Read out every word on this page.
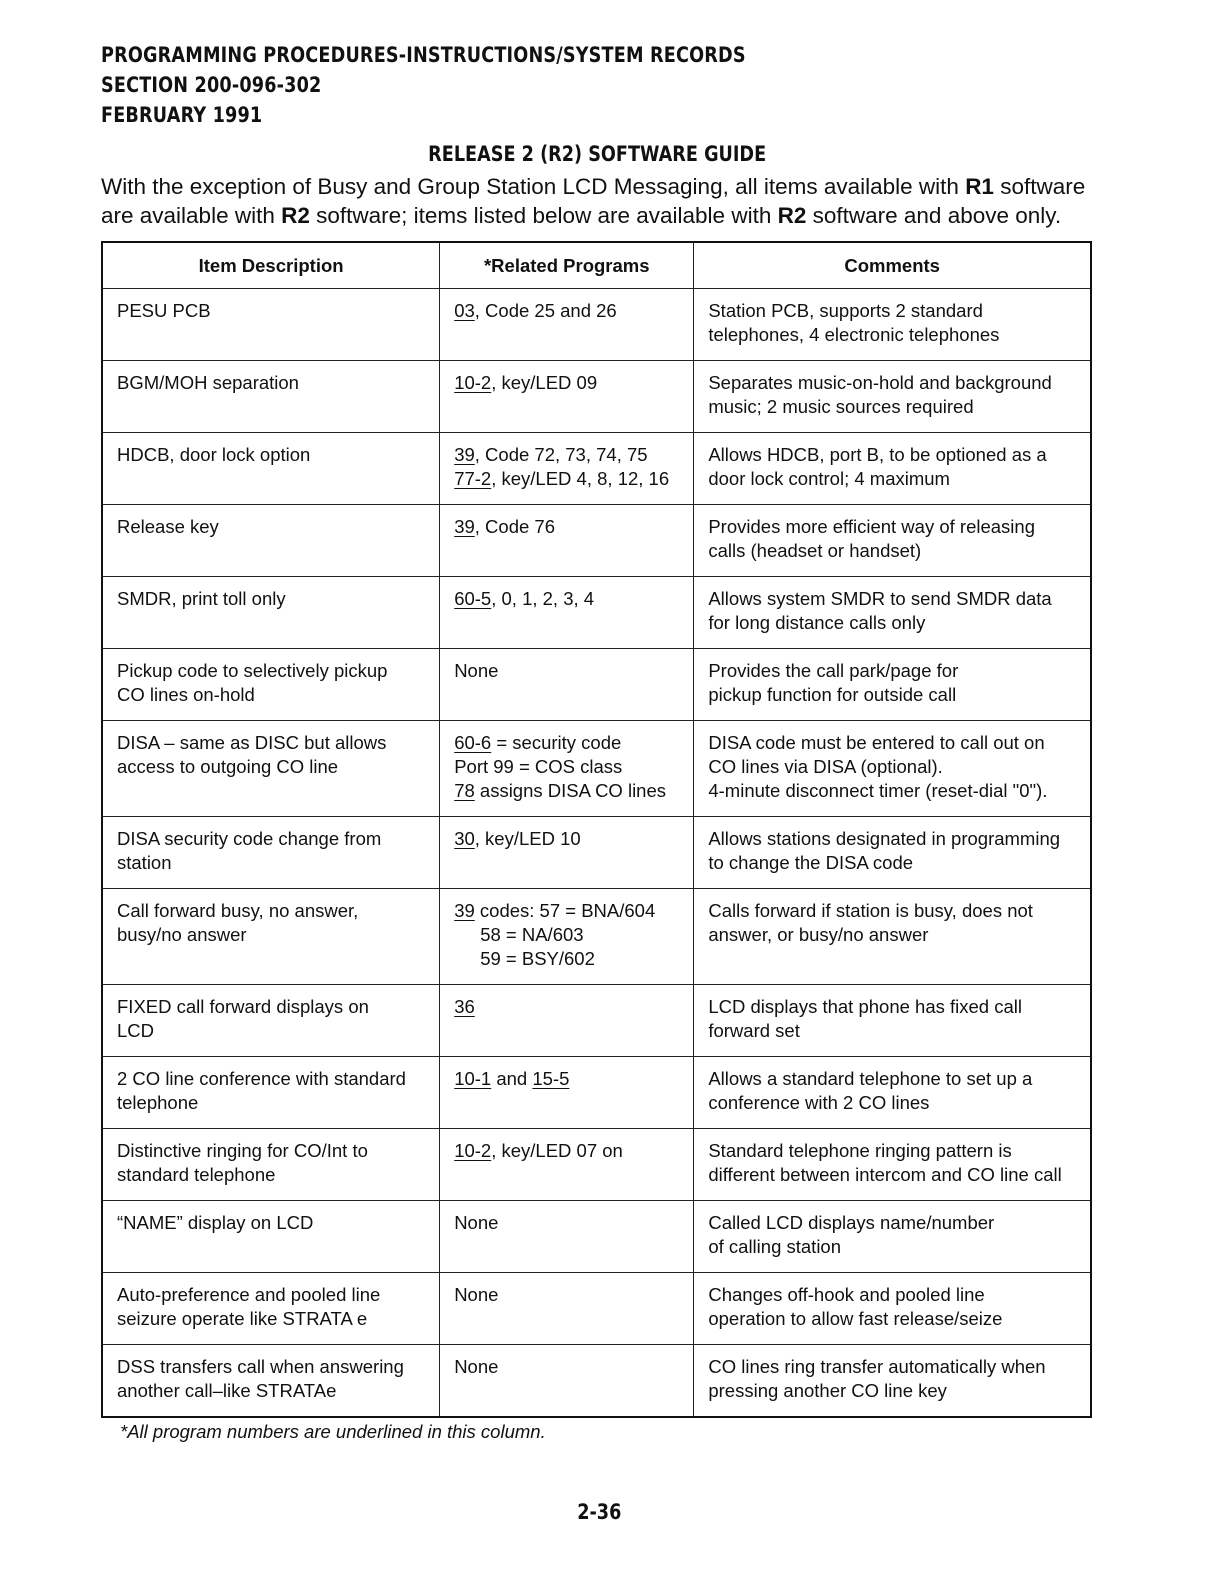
PROGRAMMING PROCEDURES-INSTRUCTIONS/SYSTEM RECORDS
SECTION 200-096-302
FEBRUARY 1991
RELEASE 2 (R2) SOFTWARE GUIDE
With the exception of Busy and Group Station LCD Messaging, all items available with R1 software
are available with R2 software; items listed below are available with R2 software and above only.
Item Description	*Related Programs	Comments

PESU PCB	03, Code 25 and 26	Station PCB, supports 2 standard
telephones, 4 electronic telephones

BGM/MOH separation	10-2, key/LED 09	Separates music-on-hold and background
music; 2 music sources required

HDCB, door lock option	39, Code 72, 73, 74, 75
77-2, key/LED 4, 8, 12, 16	Allows HDCB, port B, to be optioned as a
door lock control; 4 maximum

Release key	39, Code 76	Provides more efficient way of releasing
calls (headset or handset)

SMDR, print toll only	60-5, 0, 1, 2, 3, 4	Allows system SMDR to send SMDR data
for long distance calls only

Pickup code to selectively pickup
CO lines on-hold	None	Provides the call park/page for
pickup function for outside call

DISA – same as DISC but allows
access to outgoing CO line	60-6 = security code
Port 99 = COS class
78 assigns DISA CO lines	DISA code must be entered to call out on
CO lines via DISA (optional).
4-minute disconnect timer (reset-dial "0").

DISA security code change from
station	30, key/LED 10	Allows stations designated in programming
to change the DISA code

Call forward busy, no answer,
busy/no answer	39 codes: 57 = BNA/604
58 = NA/603
59 = BSY/602	Calls forward if station is busy, does not
answer, or busy/no answer

FIXED call forward displays on
LCD	36	LCD displays that phone has fixed call
forward set

2 CO line conference with standard
telephone	10-1 and 15-5	Allows a standard telephone to set up a
conference with 2 CO lines

Distinctive ringing for CO/Int to
standard telephone	10-2, key/LED 07 on	Standard telephone ringing pattern is
different between intercom and CO line call

“NAME” display on LCD	None	Called LCD displays name/number
of calling station

Auto-preference and pooled line
seizure operate like STRATA e	None	Changes off-hook and pooled line
operation to allow fast release/seize

DSS transfers call when answering
another call–like STRATAe	None	CO lines ring transfer automatically when
pressing another CO line key
*All program numbers are underlined in this column.
2-36
